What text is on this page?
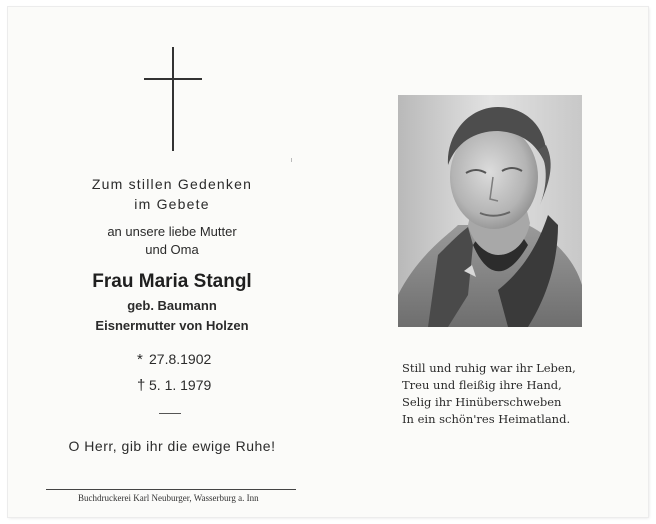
Zum stillen Gedenken
im Gebete
an unsere liebe Mutter
und Oma
Frau Maria Stangl
geb. Baumann
Eisnermutter von Holzen
* 27.8.1902
† 5. 1. 1979
O Herr, gib ihr die ewige Ruhe!
Buchdruckerei Karl Neuburger, Wasserburg a. Inn
Still und ruhig war ihr Leben,
Treu und fleißig ihre Hand,
Selig ihr Hinüberschweben
In ein schön'res Heimatland.
